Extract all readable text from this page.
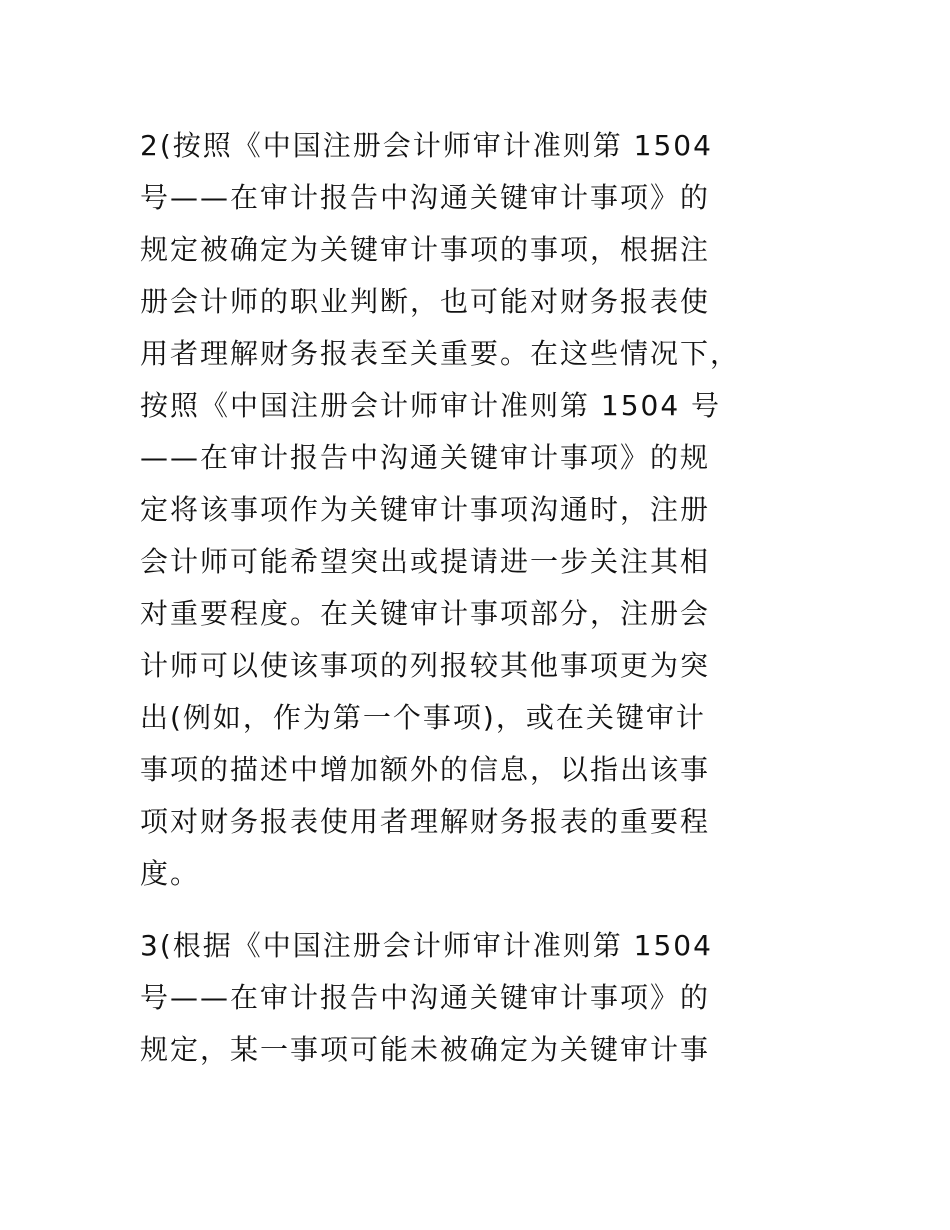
2(按照《中国注册会计师审计准则第 1504
号——在审计报告中沟通关键审计事项》的
规定被确定为关键审计事项的事项，根据注
册会计师的职业判断，也可能对财务报表使
用者理解财务报表至关重要。在这些情况下，
按照《中国注册会计师审计准则第 1504 号
——在审计报告中沟通关键审计事项》的规
定将该事项作为关键审计事项沟通时，注册
会计师可能希望突出或提请进一步关注其相
对重要程度。在关键审计事项部分，注册会
计师可以使该事项的列报较其他事项更为突
出(例如，作为第一个事项)，或在关键审计
事项的描述中增加额外的信息，以指出该事
项对财务报表使用者理解财务报表的重要程
度。
3(根据《中国注册会计师审计准则第 1504
号——在审计报告中沟通关键审计事项》的
规定，某一事项可能未被确定为关键审计事
